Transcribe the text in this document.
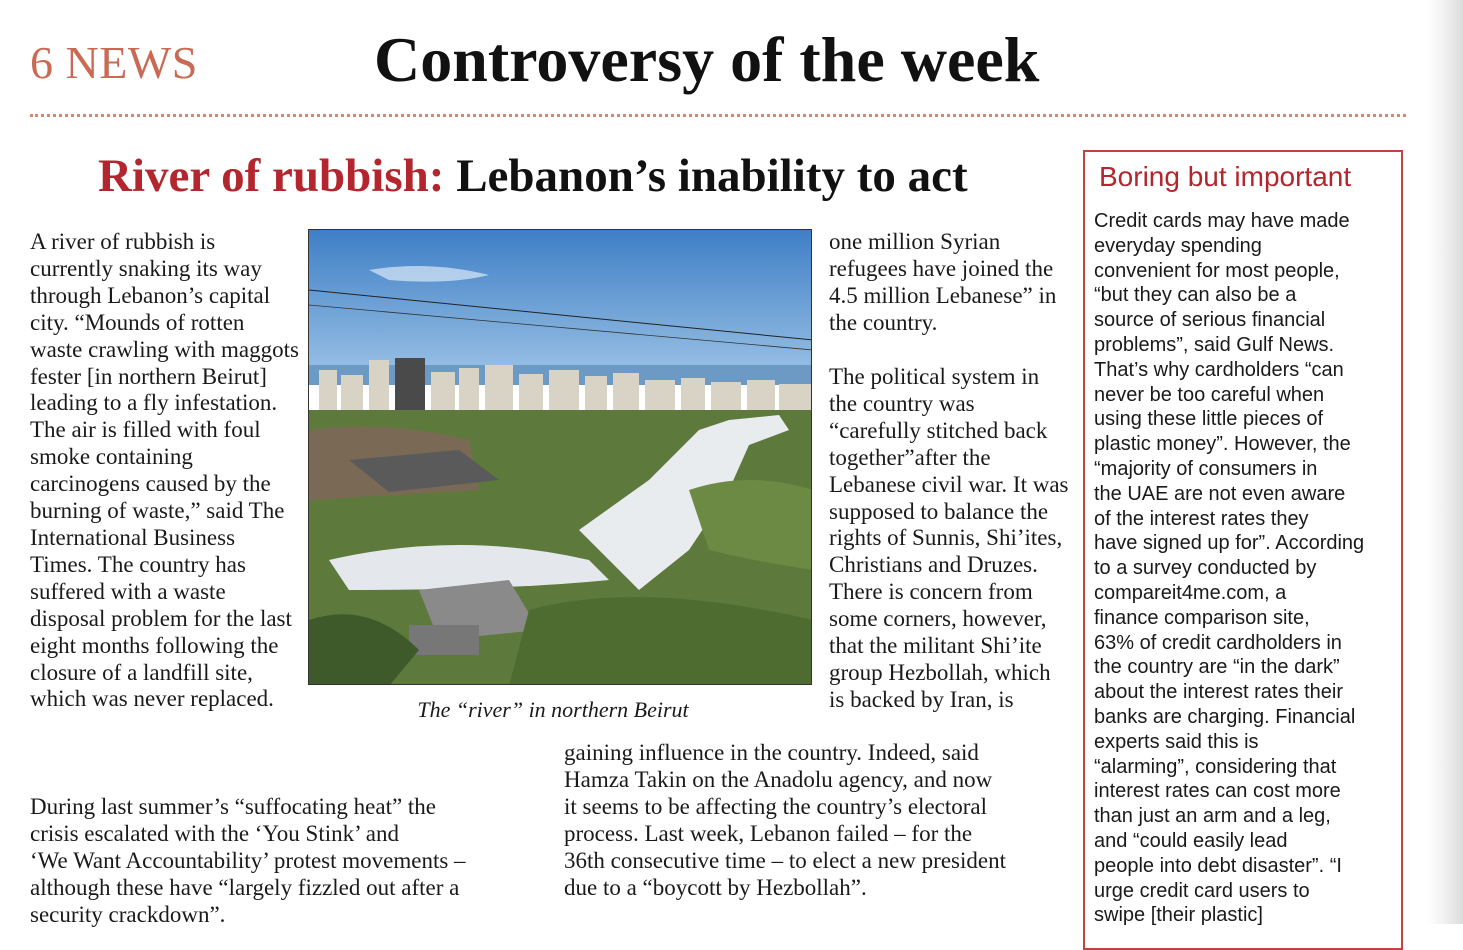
6 NEWS	Controversy of the week
River of rubbish: Lebanon’s inability to act

A river of rubbish is currently snaking its way through Lebanon’s capital city. “Mounds of rotten waste crawling with maggots fester [in northern Beirut] leading to a fly infestation. The air is filled with foul smoke containing carcinogens caused by the burning of waste,” said The International Business Times. The country has suffered with a waste disposal problem for the last eight months following the closure of a landfill site, which was never replaced.

During last summer’s “suffocating heat” the

crisis escalated with the ‘You Stink’ and

‘We Want Accountability’ protest movements –

although these have “largely fizzled out after a

security crackdown”.

The “river” in northern Beirut

one million Syrian refugees have joined the 4.5 million Lebanese” in the country.

The political system in the country was “carefully stitched back together”after the Lebanese civil war. It was supposed to balance the rights of Sunnis, Shi’ites, Christians and Druzes. There is concern from some corners, however, that the militant Shi’ite group Hezbollah, which is backed by Iran, is

gaining influence in the country. Indeed, said

Hamza Takin on the Anadolu agency, and now

it seems to be affecting the country’s electoral

process. Last week, Lebanon failed – for the

36th consecutive time – to elect a new president

due to a “boycott by Hezbollah”.

Boring but important

Credit cards may have made

everyday spending

convenient for most people,

“but they can also be a

source of serious financial

problems”, said Gulf News.

That’s why cardholders “can

never be too careful when

using these little pieces of

plastic money”. However, the

“majority of consumers in

the UAE are not even aware

of the interest rates they

have signed up for”. According

to a survey conducted by

compareit4me.com, a

finance comparison site,

63% of credit cardholders in

the country are “in the dark”

about the interest rates their

banks are charging. Financial

experts said this is

“alarming”, considering that

interest rates can cost more

than just an arm and a leg,

and “could easily lead

people into debt disaster”. “I

urge credit card users to

swipe [their plastic]
